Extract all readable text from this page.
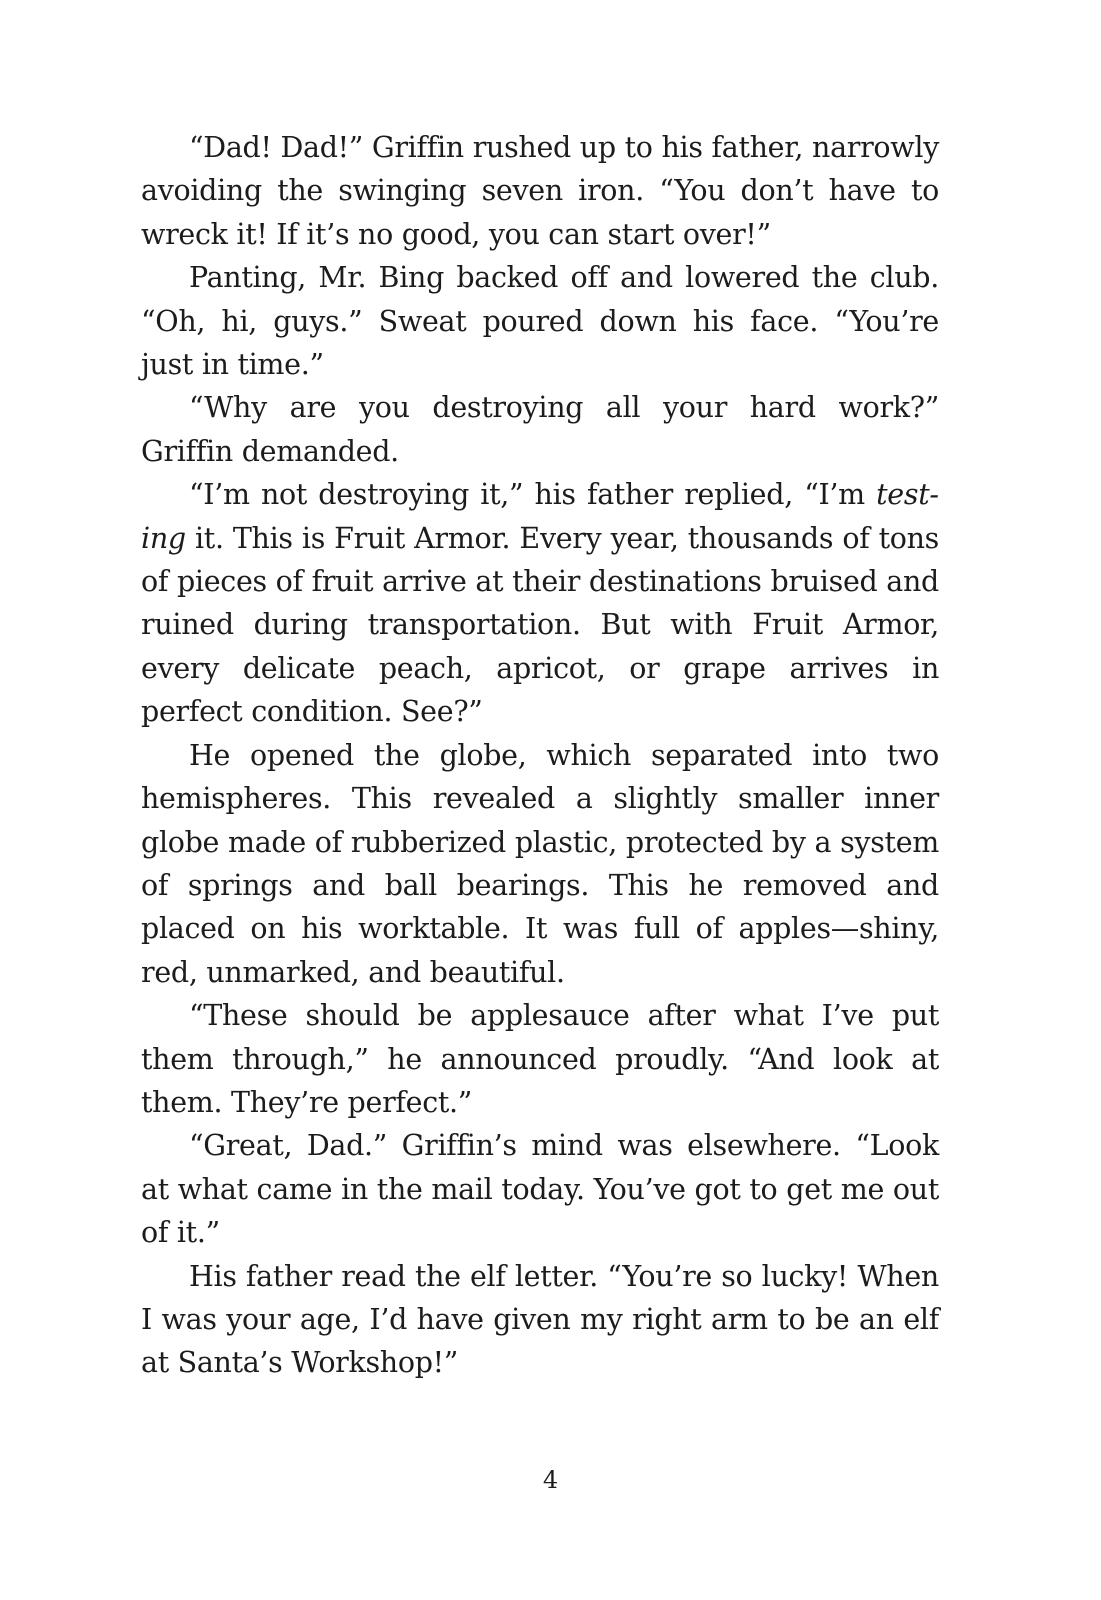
“Dad! Dad!” Griffin rushed up to his father, narrowly avoiding the swinging seven iron. “You don’t have to wreck it! If it’s no good, you can start over!”

Panting, Mr. Bing backed off and lowered the club. “Oh, hi, guys.” Sweat poured down his face. “You’re just in time.”

“Why are you destroying all your hard work?” Griffin demanded.

“I’m not destroying it,” his father replied, “I’m testing it. This is Fruit Armor. Every year, thousands of tons of pieces of fruit arrive at their destinations bruised and ruined during transportation. But with Fruit Armor, every delicate peach, apricot, or grape arrives in perfect condition. See?”

He opened the globe, which separated into two hemispheres. This revealed a slightly smaller inner globe made of rubberized plastic, protected by a system of springs and ball bearings. This he removed and placed on his worktable. It was full of apples—shiny, red, unmarked, and beautiful.

“These should be applesauce after what I’ve put them through,” he announced proudly. “And look at them. They’re perfect.”

“Great, Dad.” Griffin’s mind was elsewhere. “Look at what came in the mail today. You’ve got to get me out of it.”

His father read the elf letter. “You’re so lucky! When I was your age, I’d have given my right arm to be an elf at Santa’s Workshop!”

4
